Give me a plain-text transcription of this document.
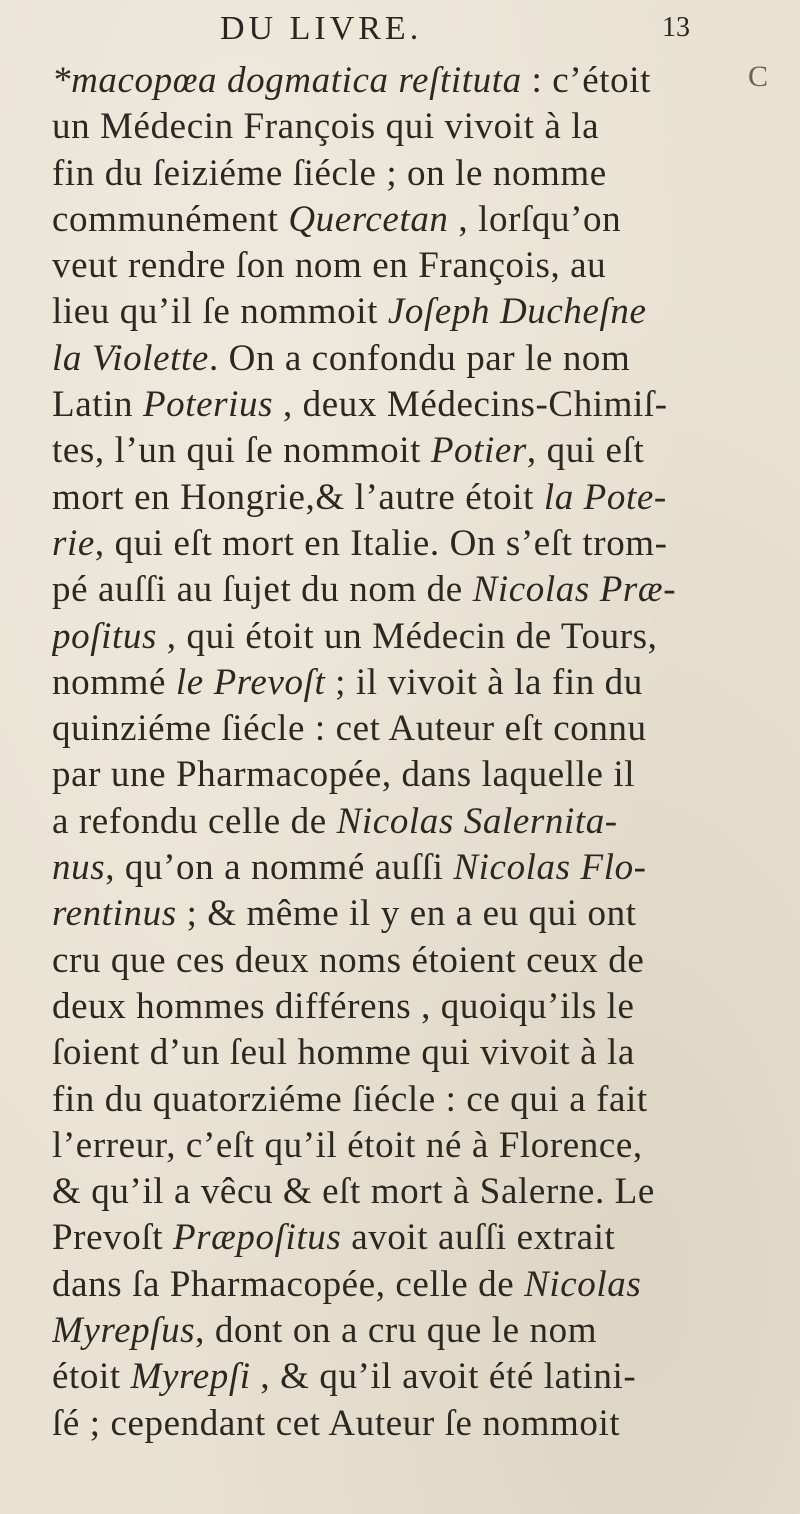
DU LIVRE.	13
C
*macopœa dogmatica reſtituta : c’étoit
un Médecin François qui vivoit à la
fin du ſeiziéme ſiécle ; on le nomme
communément Quercetan , lorſqu’on
veut rendre ſon nom en François, au
lieu qu’il ſe nommoit Joſeph Ducheſne
la Violette. On a confondu par le nom
Latin Poterius , deux Médecins-Chimiſ-
tes, l’un qui ſe nommoit Potier, qui eſt
mort en Hongrie,& l’autre étoit la Pote-
rie, qui eſt mort en Italie. On s’eſt trom-
pé auſſi au ſujet du nom de Nicolas Præ-
poſitus , qui étoit un Médecin de Tours,
nommé le Prevoſt ; il vivoit à la fin du
quinziéme ſiécle : cet Auteur eſt connu
par une Pharmacopée, dans laquelle il
a refondu celle de Nicolas Salernita-
nus, qu’on a nommé auſſi Nicolas Flo-
rentinus ; & même il y en a eu qui ont
cru que ces deux noms étoient ceux de
deux hommes différens , quoiqu’ils le
ſoient d’un ſeul homme qui vivoit à la
fin du quatorziéme ſiécle : ce qui a fait
l’erreur, c’eſt qu’il étoit né à Florence,
& qu’il a vêcu & eſt mort à Salerne. Le
Prevoſt Præpoſitus avoit auſſi extrait
dans ſa Pharmacopée, celle de Nicolas
Myrepſus, dont on a cru que le nom
étoit Myrepſi , & qu’il avoit été latini-
ſé ; cependant cet Auteur ſe nommoit
